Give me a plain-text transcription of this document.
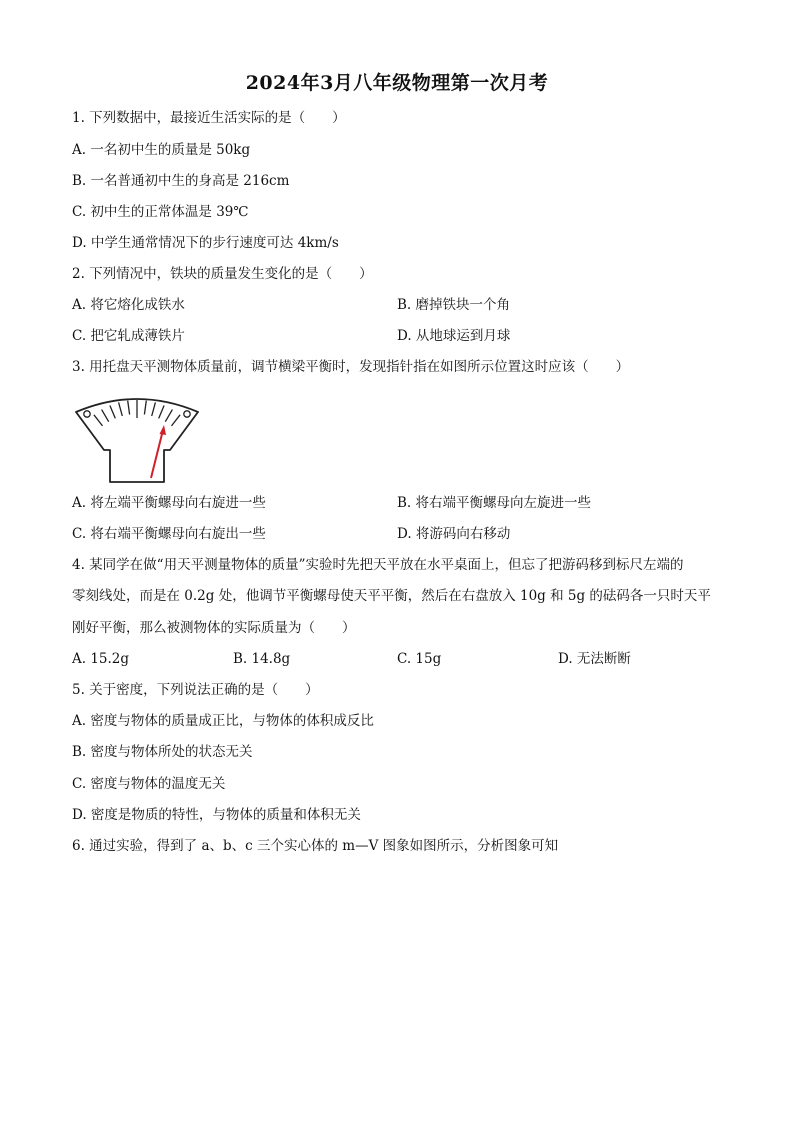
2024年3月八年级物理第一次月考
1. 下列数据中，最接近生活实际的是（　　）
A. 一名初中生的质量是 50kg
B. 一名普通初中生的身高是 216cm
C. 初中生的正常体温是 39℃
D. 中学生通常情况下的步行速度可达 4km/s
2. 下列情况中，铁块的质量发生变化的是（　　）
A. 将它熔化成铁水	B. 磨掉铁块一个角
C. 把它轧成薄铁片	D. 从地球运到月球
3. 用托盘天平测物体质量前，调节横梁平衡时，发现指针指在如图所示位置这时应该（　　）
A. 将左端平衡螺母向右旋进一些	B. 将右端平衡螺母向左旋进一些
C. 将右端平衡螺母向右旋出一些	D. 将游码向右移动
4. 某同学在做“用天平测量物体的质量”实验时先把天平放在水平桌面上，但忘了把游码移到标尺左端的
零刻线处，而是在 0.2g 处，他调节平衡螺母使天平平衡，然后在右盘放入 10g 和 5g 的砝码各一只时天平
刚好平衡，那么被测物体的实际质量为（　　）
A. 15.2g	B. 14.8g	C. 15g	D. 无法断断
5. 关于密度，下列说法正确的是（　　）
A. 密度与物体的质量成正比，与物体的体积成反比
B. 密度与物体所处的状态无关
C. 密度与物体的温度无关
D. 密度是物质的特性，与物体的质量和体积无关
6. 通过实验，得到了 a、b、c 三个实心体的 m—V 图象如图所示，分析图象可知
